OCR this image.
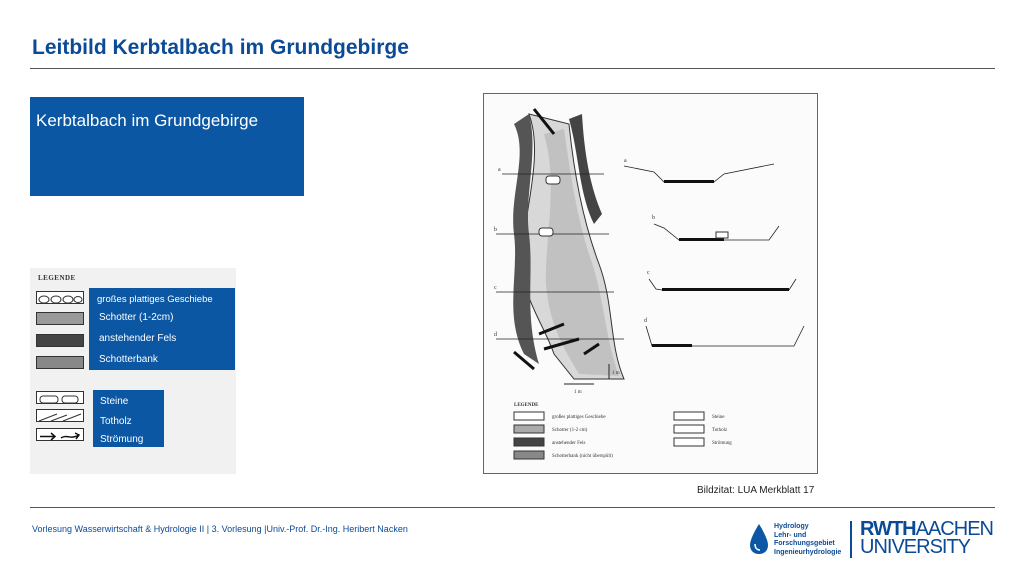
Leitbild Kerbtalbach im Grundgebirge
Kerbtalbach im Grundgebirge
LEGENDE
großes plattiges Geschiebe
Schotter (1-2cm)
anstehender Fels
Schotterbank
Steine
Totholz
Strömung
a
b
c
d
1 m
1 m
a
b
c
d
LEGENDE
großes plattiges Geschiebe
Schotter (1-2 cm)
anstehender Fels
Schotterbank (nicht überspült)
Steine
Totholz
Strömung
Bildzitat: LUA Merkblatt 17
Vorlesung Wasserwirtschaft & Hydrologie II | 3. Vorlesung |Univ.-Prof. Dr.-Ing. Heribert Nacken	Hydrology
Lehr- und
Forschungsgebiet
Ingenieurhydrologie
RWTHAACHEN
UNIVERSITY
